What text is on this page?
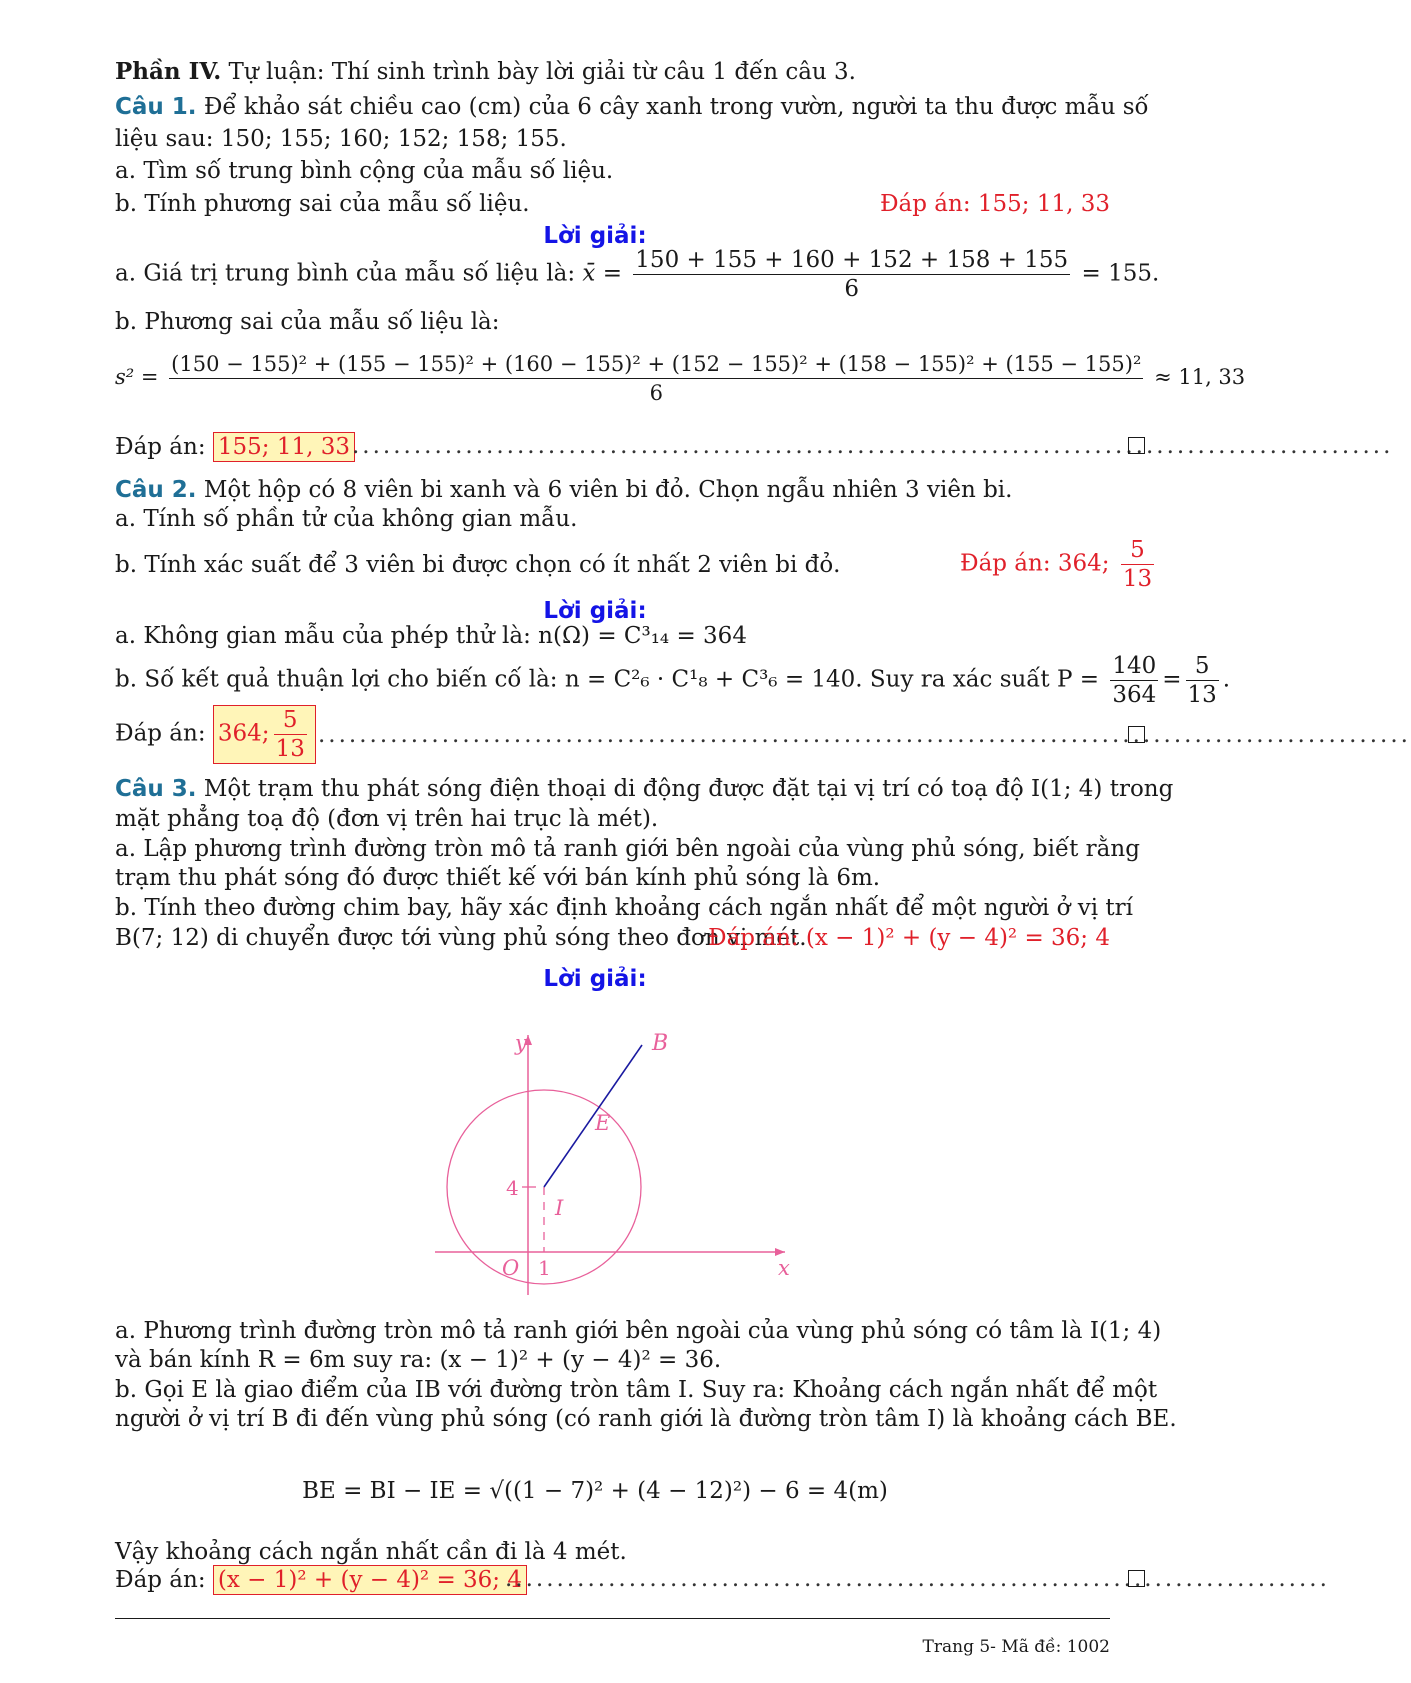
Phần IV. Tự luận: Thí sinh trình bày lời giải từ câu 1 đến câu 3.
Câu 1. Để khảo sát chiều cao (cm) của 6 cây xanh trong vườn, người ta thu được mẫu số
liệu sau: 150; 155; 160; 152; 158; 155.
a. Tìm số trung bình cộng của mẫu số liệu.
b. Tính phương sai của mẫu số liệu.	Đáp án: 155; 11, 33
Lời giải:
a. Giá trị trung bình của mẫu số liệu là: x̄ = $\frac{150 + 155 + 160 + 152 + 158 + 155}{6} = 155$.
b. Phương sai của mẫu số liệu là:
s² =
(150 − 155)² + (155 − 155)² + (160 − 155)² + (152 − 155)² + (158 − 155)² + (155 − 155)²
6
≈ 11, 33
Đáp án: 155; 11, 33 .....................................................................................................
Câu 2. Một hộp có 8 viên bi xanh và 6 viên bi đỏ. Chọn ngẫu nhiên 3 viên bi.
a. Tính số phần tử của không gian mẫu.
b. Tính xác suất để 3 viên bi được chọn có ít nhất 2 viên bi đỏ.	Đáp án: 364; $\frac{5}{13}$
Lời giải:
a. Không gian mẫu của phép thử là: n(Ω) = C³₁₄ = 364
b. Số kết quả thuận lợi cho biến cố là: n = C²₆ · C¹₈ + C³₆ = 140. Suy ra xác suất $P = \frac{140}{364} = \frac{5}{13}$ .
Đáp án: 364; $\frac{5}{13}$ ..........................................................................................................
Câu 3. Một trạm thu phát sóng điện thoại di động được đặt tại vị trí có toạ độ I(1; 4) trong
mặt phẳng toạ độ (đơn vị trên hai trục là mét).
a. Lập phương trình đường tròn mô tả ranh giới bên ngoài của vùng phủ sóng, biết rằng
trạm thu phát sóng đó được thiết kế với bán kính phủ sóng là 6m.
b. Tính theo đường chim bay, hãy xác định khoảng cách ngắn nhất để một người ở vị trí
B(7; 12) di chuyển được tới vùng phủ sóng theo đơn vị mét.
Đáp án: (x − 1)² + (y − 4)² = 36; 4
Lời giải:
y
x
B
E
I
O
4
1
a. Phương trình đường tròn mô tả ranh giới bên ngoài của vùng phủ sóng có tâm là I(1; 4)
và bán kính R = 6m suy ra: (x − 1)² + (y − 4)² = 36.
b. Gọi E là giao điểm của IB với đường tròn tâm I. Suy ra: Khoảng cách ngắn nhất để một
người ở vị trí B đi đến vùng phủ sóng (có ranh giới là đường tròn tâm I) là khoảng cách BE.
BE = BI − IE = √((1 − 7)² + (4 − 12)²) − 6 = 4(m)
Vậy khoảng cách ngắn nhất cần đi là 4 mét.
Đáp án: (x − 1)² + (y − 4)² = 36; 4
................................................................................
Trang 5- Mã đề: 1002
